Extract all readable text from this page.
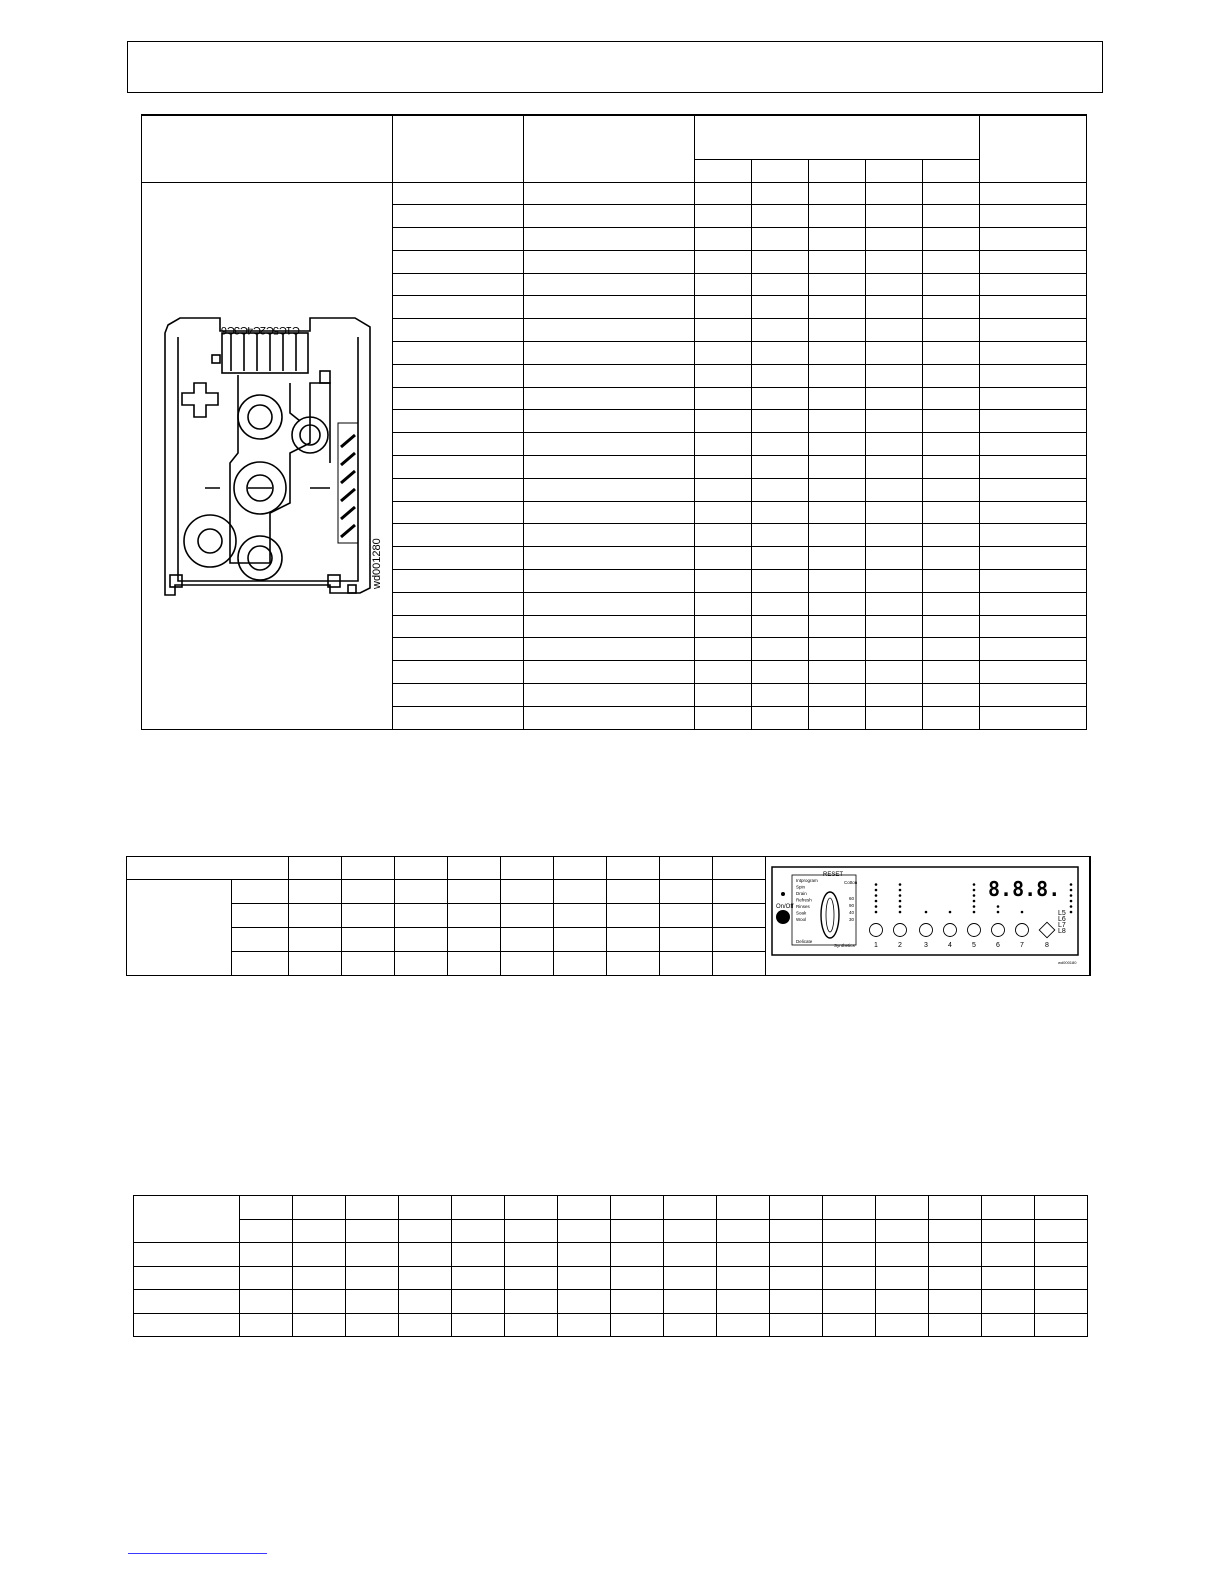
C6
C3
C4
C2
C5
C1
wd001280

On/Off
RESET
Intprogram
Spin
Drain
Refresh
Rinses
Soak
Wool
Cotton
Delicate
Synthetics
60
90
40
30
8.8.8.
1	2	3	4	5	6	7	8
L5
L6
L7
L8
wd000180
